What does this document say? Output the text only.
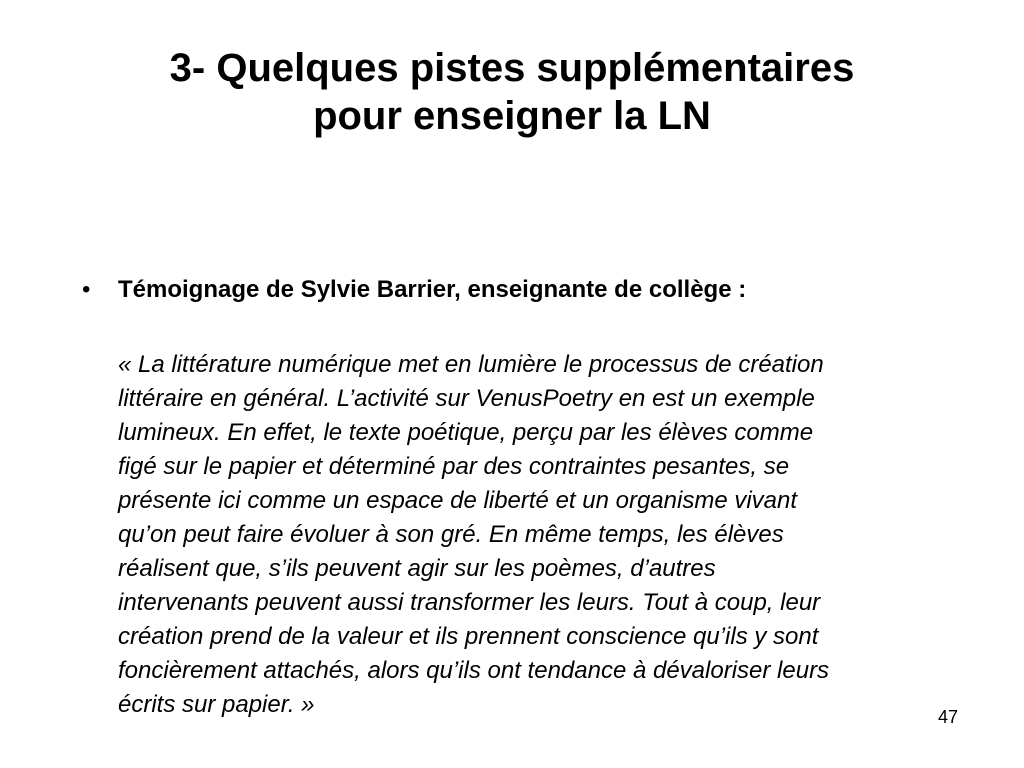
3- Quelques pistes supplémentaires
pour enseigner la LN
• Témoignage de Sylvie Barrier, enseignante de collège :
« La littérature numérique met en lumière le processus de création
littéraire en général. L’activité sur VenusPoetry en est un exemple
lumineux. En effet, le texte poétique, perçu par les élèves comme
figé sur le papier et déterminé par des contraintes pesantes, se
présente ici comme un espace de liberté et un organisme vivant
qu’on peut faire évoluer à son gré. En même temps, les élèves
réalisent que, s’ils peuvent agir sur les poèmes, d’autres
intervenants peuvent aussi transformer les leurs. Tout à coup, leur
création prend de la valeur et ils prennent conscience qu’ils y sont
foncièrement attachés, alors qu’ils ont tendance à dévaloriser leurs
écrits sur papier. »	47
